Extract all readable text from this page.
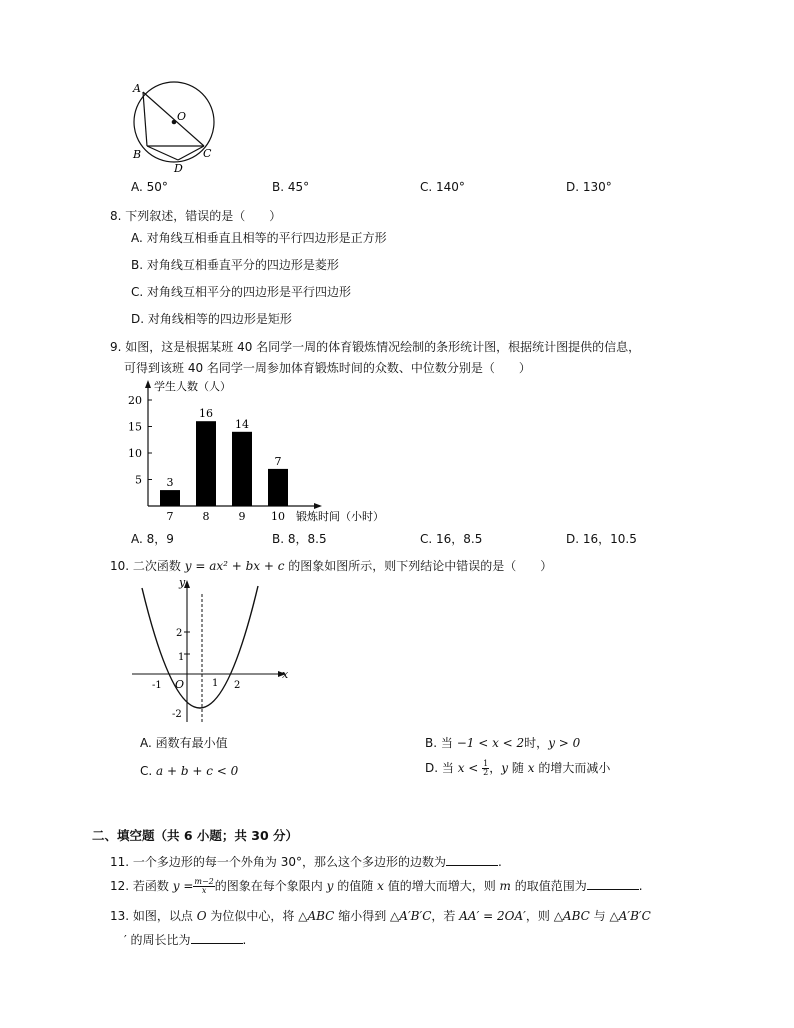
A
O
B	C
D
A. 50°	B. 45°	C. 140°	D. 130°
8. 下列叙述，错误的是（　　）
A. 对角线互相垂直且相等的平行四边形是正方形
B. 对角线互相垂直平分的四边形是菱形
C. 对角线互相平分的四边形是平行四边形
D. 对角线相等的四边形是矩形
9. 如图，这是根据某班 40 名同学一周的体育锻炼情况绘制的条形统计图，根据统计图提供的信息，
可得到该班 40 名同学一周参加体育锻炼时间的众数、中位数分别是（　　）
学生人数（人）
锻炼时间（小时）
5
10
15
20
3
7
16
8
14
9
7
10
A. 8，9	B. 8，8.5	C. 16，8.5	D. 16，10.5
10. 二次函数 y = ax² + bx + c 的图象如图所示，则下列结论中错误的是（　　）
x
y
O
-1	1 2
2
1
-2
A. 函数有最小值	B. 当 −1 < x < 2时，y > 0
C. a + b + c < 0	D. 当 $x < \frac{1}{2}$ ，y 随 x 的增大而减小
二、填空题（共 6 小题；共 30 分）
11. 一个多边形的每一个外角为 30°，那么这个多边形的边数为	.
12. 若函数 $y = \frac{m-2}{x}$ 的图象在每个象限内 y 的值随 x 值的增大而增大，则 m 的取值范围为	.
13. 如图，以点 O 为位似中心，将 △ABC 缩小得到 △A′B′C，若 AA′ = 2OA′，则 △ABC 与 △A′B′C
′ 的周长比为	.
